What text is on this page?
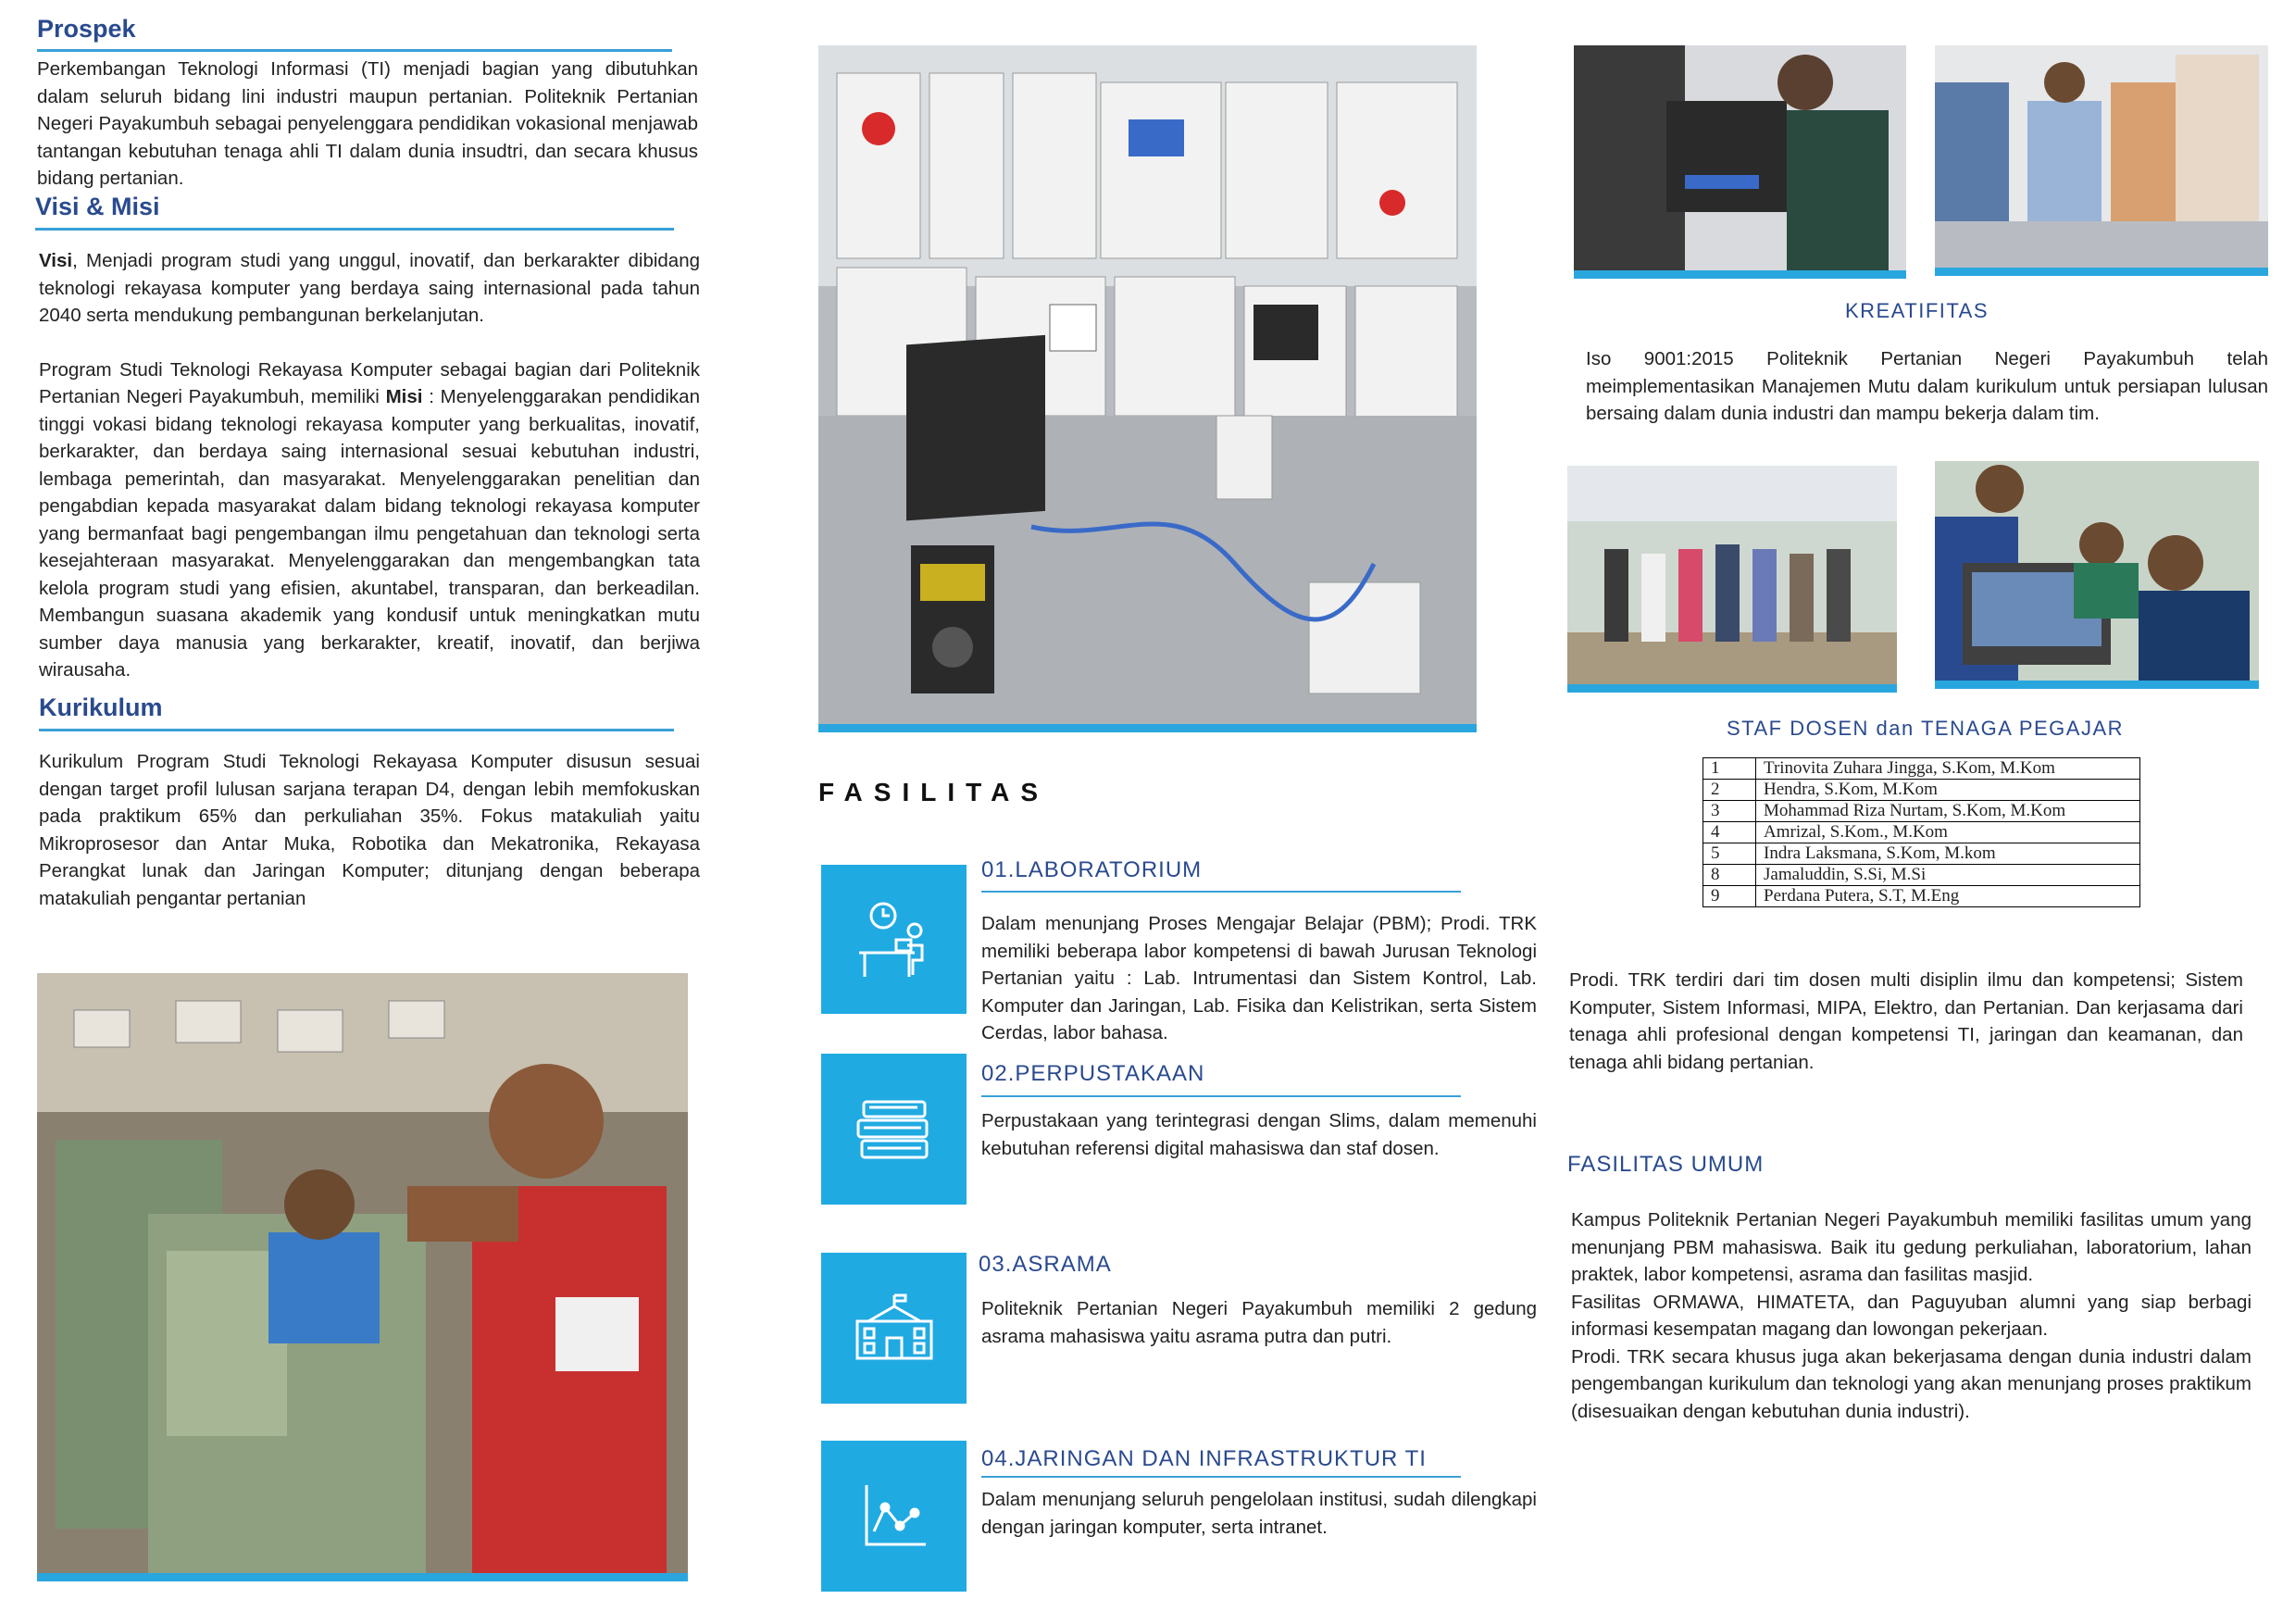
Prospek
Perkembangan Teknologi Informasi (TI) menjadi bagian yang dibutuhkan dalam seluruh bidang lini industri maupun pertanian. Politeknik Pertanian Negeri Payakumbuh sebagai penyelenggara pendidikan vokasional menjawab tantangan kebutuhan tenaga ahli TI dalam dunia insudtri, dan secara khusus bidang pertanian.
Visi & Misi

Visi, Menjadi program studi yang unggul, inovatif, dan berkarakter dibidang teknologi rekayasa komputer yang berdaya saing internasional pada tahun 2040 serta mendukung pembangunan berkelanjutan.

Program Studi Teknologi Rekayasa Komputer sebagai bagian dari Politeknik Pertanian Negeri Payakumbuh, memiliki Misi : Menyelenggarakan pendidikan tinggi vokasi bidang teknologi rekayasa komputer yang berkualitas, inovatif, berkarakter, dan berdaya saing internasional sesuai kebutuhan industri, lembaga pemerintah, dan masyarakat. Menyelenggarakan penelitian dan pengabdian kepada masyarakat dalam bidang teknologi rekayasa komputer yang bermanfaat bagi pengembangan ilmu pengetahuan dan teknologi serta kesejahteraan masyarakat. Menyelenggarakan dan mengembangkan tata kelola program studi yang efisien, akuntabel, transparan, dan berkeadilan. Membangun suasana akademik yang kondusif untuk meningkatkan mutu sumber daya manusia yang berkarakter, kreatif, inovatif, dan berjiwa wirausaha.

Kurikulum
Kurikulum Program Studi Teknologi Rekayasa Komputer disusun sesuai dengan target profil lulusan sarjana terapan D4, dengan lebih memfokuskan pada praktikum 65% dan perkuliahan 35%. Fokus matakuliah yaitu Mikroprosesor dan Antar Muka, Robotika dan Mekatronika, Rekayasa Perangkat lunak dan Jaringan Komputer; ditunjang dengan beberapa matakuliah pengantar pertanian
FASILITAS
01.LABORATORIUM
Dalam menunjang Proses Mengajar Belajar (PBM); Prodi. TRK memiliki beberapa labor kompetensi di bawah Jurusan Teknologi Pertanian yaitu : Lab. Intrumentasi dan Sistem Kontrol, Lab. Komputer dan Jaringan, Lab. Fisika dan Kelistrikan, serta Sistem Cerdas, labor bahasa.
02.PERPUSTAKAAN
Perpustakaan yang terintegrasi dengan Slims, dalam memenuhi kebutuhan referensi digital mahasiswa dan staf dosen.
03.ASRAMA
Politeknik Pertanian Negeri Payakumbuh memiliki 2 gedung asrama mahasiswa yaitu asrama putra dan putri.
04.JARINGAN DAN INFRASTRUKTUR TI
Dalam menunjang seluruh pengelolaan institusi, sudah dilengkapi dengan jaringan komputer, serta intranet.
KREATIFITAS
Iso 9001:2015 Politeknik Pertanian Negeri Payakumbuh telah meimplementasikan Manajemen Mutu dalam kurikulum untuk persiapan lulusan bersaing dalam dunia industri dan mampu bekerja dalam tim.
STAF DOSEN dan TENAGA PEGAJAR
1	Trinovita Zuhara Jingga, S.Kom, M.Kom
2	Hendra, S.Kom, M.Kom
3	Mohammad Riza Nurtam, S.Kom, M.Kom
4	Amrizal, S.Kom., M.Kom
5	Indra Laksmana, S.Kom, M.kom
8	Jamaluddin, S.Si, M.Si
9	Perdana Putera, S.T, M.Eng
Prodi. TRK terdiri dari tim dosen multi disiplin ilmu dan kompetensi; Sistem Komputer, Sistem Informasi, MIPA, Elektro, dan Pertanian. Dan kerjasama dari tenaga ahli profesional dengan kompetensi TI, jaringan dan keamanan, dan tenaga ahli bidang pertanian.
FASILITAS UMUM
Kampus Politeknik Pertanian Negeri Payakumbuh memiliki fasilitas umum yang menunjang PBM mahasiswa. Baik itu gedung perkuliahan, laboratorium, lahan praktek, labor kompetensi, asrama dan fasilitas masjid.
Fasilitas ORMAWA, HIMATETA, dan Paguyuban alumni yang siap berbagi informasi kesempatan magang dan lowongan pekerjaan.
Prodi. TRK secara khusus juga akan bekerjasama dengan dunia industri dalam pengembangan kurikulum dan teknologi yang akan menunjang proses praktikum (disesuaikan dengan kebutuhan dunia industri).
